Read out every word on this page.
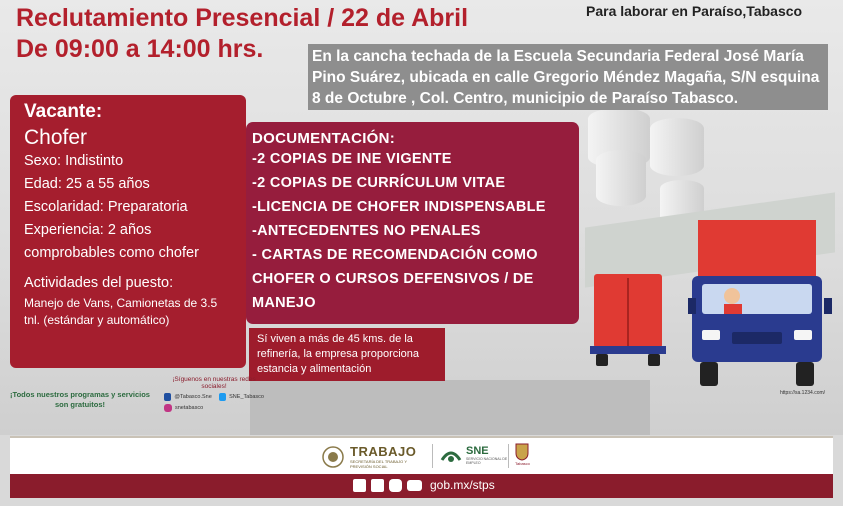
Reclutamiento Presencial / 22 de Abril
De 09:00 a 14:00 hrs.
Para laborar en Paraíso,Tabasco
En la cancha techada de la Escuela Secundaria Federal José María Pino Suárez, ubicada en calle Gregorio Méndez Magaña, S/N esquina 8 de Octubre , Col. Centro, municipio de Paraíso Tabasco.
Vacante:
Chofer
Sexo: Indistinto
Edad: 25 a 55 años
Escolaridad: Preparatoria
Experiencia: 2 años
comprobables como chofer
Actividades del puesto:
Manejo de Vans, Camionetas de 3.5 tnl. (estándar y automático)
DOCUMENTACIÓN:
-2 COPIAS DE INE VIGENTE
-2 COPIAS DE CURRÍCULUM VITAE
-LICENCIA DE CHOFER INDISPENSABLE
-ANTECEDENTES NO PENALES
- CARTAS DE RECOMENDACIÓN COMO
CHOFER O CURSOS DEFENSIVOS / DE
MANEJO
Sí viven a más de 45 kms. de la refinería, la empresa proporciona estancia y alimentación
¡Todos nuestros programas y servicios son gratuitos!
¡Síguenos en nuestras redes sociales!
@Tabasco.Sne	SNE_Tabasco
snetabasco
https://sa.1234.com/
TRABAJO
SECRETARÍA DEL TRABAJO Y PREVISIÓN SOCIAL
SNE
SERVICIO NACIONAL DE EMPLEO	Tabasco
gob.mx/stps
